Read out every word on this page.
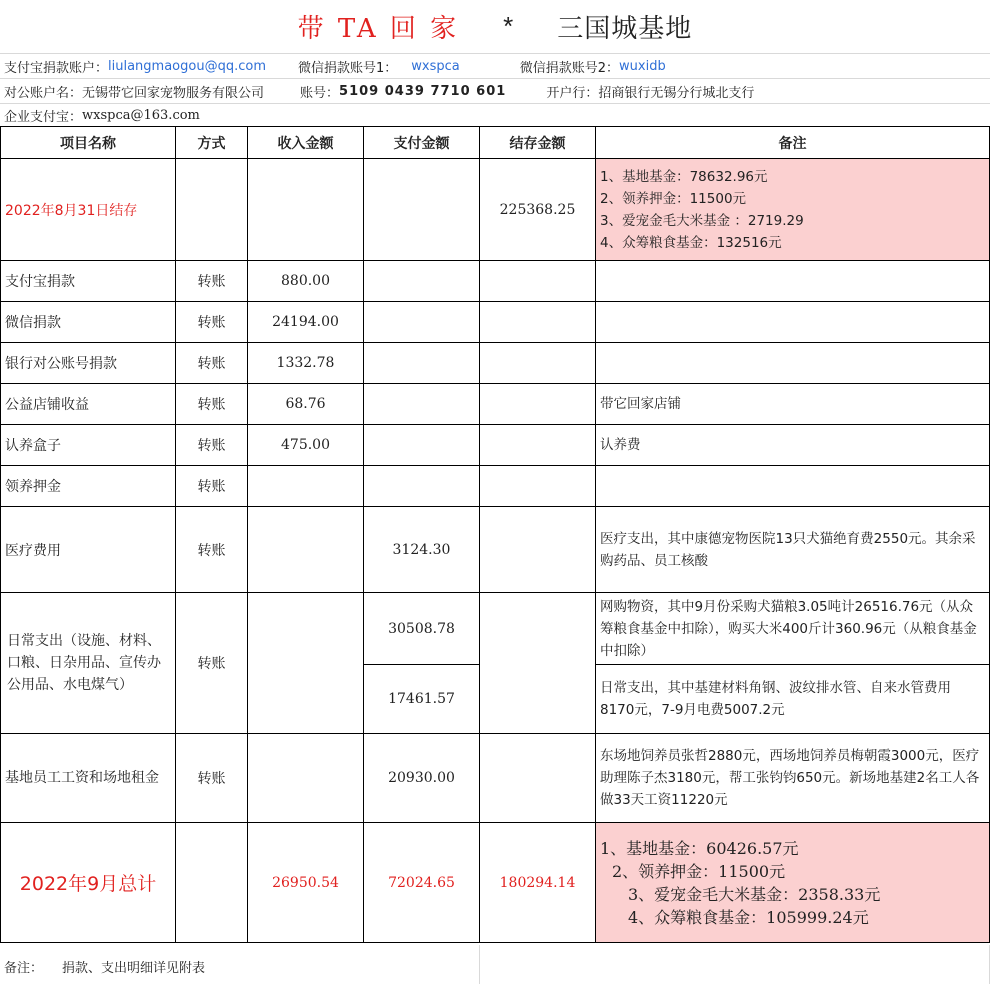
带 TA 回 家 * 三国城基地
支付宝捐款账户： liulangmaogou@qq.com 微信捐款账号1： wxspca	微信捐款账号2： wuxidb
对公账户名： 无锡带它回家宠物服务有限公司	账号： 5109 0439 7710 601	开户行： 招商银行无锡分行城北支行
企业支付宝： wxspca@163.com
项目名称	方式	收入金额	支付金额	结存金额	备注
2022年8月31日结存				225368.25	1、基地基金：78632.96元
2、领养押金：11500元
3、爱宠金毛大米基金 ：2719.29
4、众筹粮食基金：132516元

支付宝捐款	转账	880.00			
微信捐款	转账	24194.00			
银行对公账号捐款	转账	1332.78			
公益店铺收益	转账	68.76			带它回家店铺
认养盒子	转账	475.00			认养费
领养押金	转账				
医疗费用	转账		3124.30		医疗支出，其中康德宠物医院13只犬猫绝育费2550元。其余采购药品、员工核酸
日常支出（设施、材料、口粮、日杂用品、宣传办公用品、水电煤气）	转账		30508.78		网购物资，其中9月份采购犬猫粮3.05吨计26516.76元（从众筹粮食基金中扣除），购买大米400斤计360.96元（从粮食基金中扣除）
			17461.57		日常支出，其中基建材料角钢、波纹排水管、自来水管费用8170元，7-9月电费5007.2元
基地员工工资和场地租金	转账		20930.00		东场地饲养员张哲2880元，西场地饲养员梅朝霞3000元，医疗助理陈子杰3180元，帮工张钧钧650元。新场地基建2名工人各做33天工资11220元
2022年9月总计		26950.54	72024.65	180294.14	1、基地基金：60426.57元
2、领养押金：11500元
3、爱宠金毛大米基金：2358.33元
4、众筹粮食基金：105999.24元
备注： 捐款、支出明细详见附表
